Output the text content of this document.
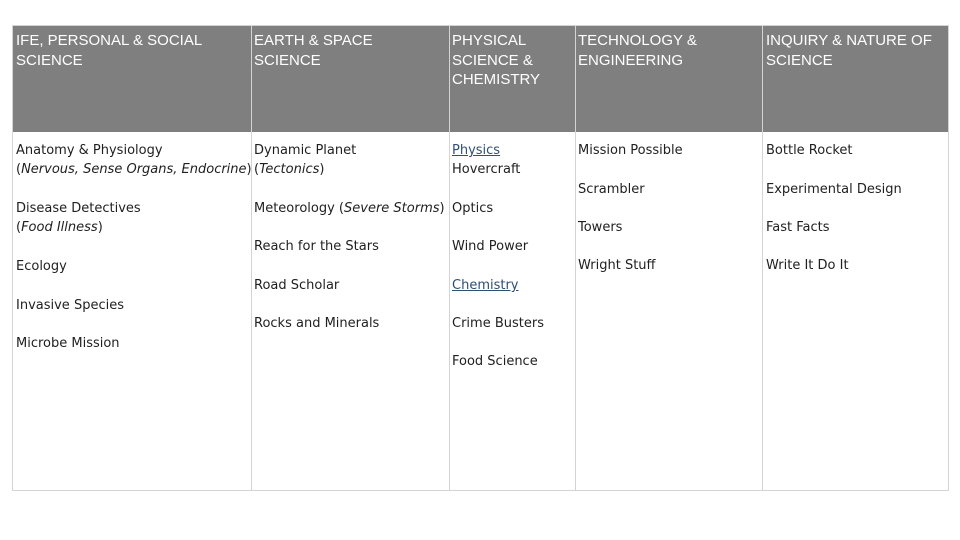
IFE, PERSONAL & SOCIAL
SCIENCE
EARTH & SPACE
SCIENCE
PHYSICAL
SCIENCE &
CHEMISTRY
TECHNOLOGY &
ENGINEERING
INQUIRY & NATURE OF
SCIENCE

Anatomy & Physiology

(Nervous, Sense Organs, Endocrine)

Disease Detectives

(Food Illness)

Ecology

Invasive Species

Microbe Mission

Dynamic Planet

(Tectonics)

Meteorology (Severe Storms)

Reach for the Stars

Road Scholar

Rocks and Minerals

Physics

Hovercraft

Optics

Wind Power

Chemistry

Crime Busters

Food Science

Mission Possible

Scrambler

Towers

Wright Stuff

Bottle Rocket

Experimental Design

Fast Facts

Write It Do It
